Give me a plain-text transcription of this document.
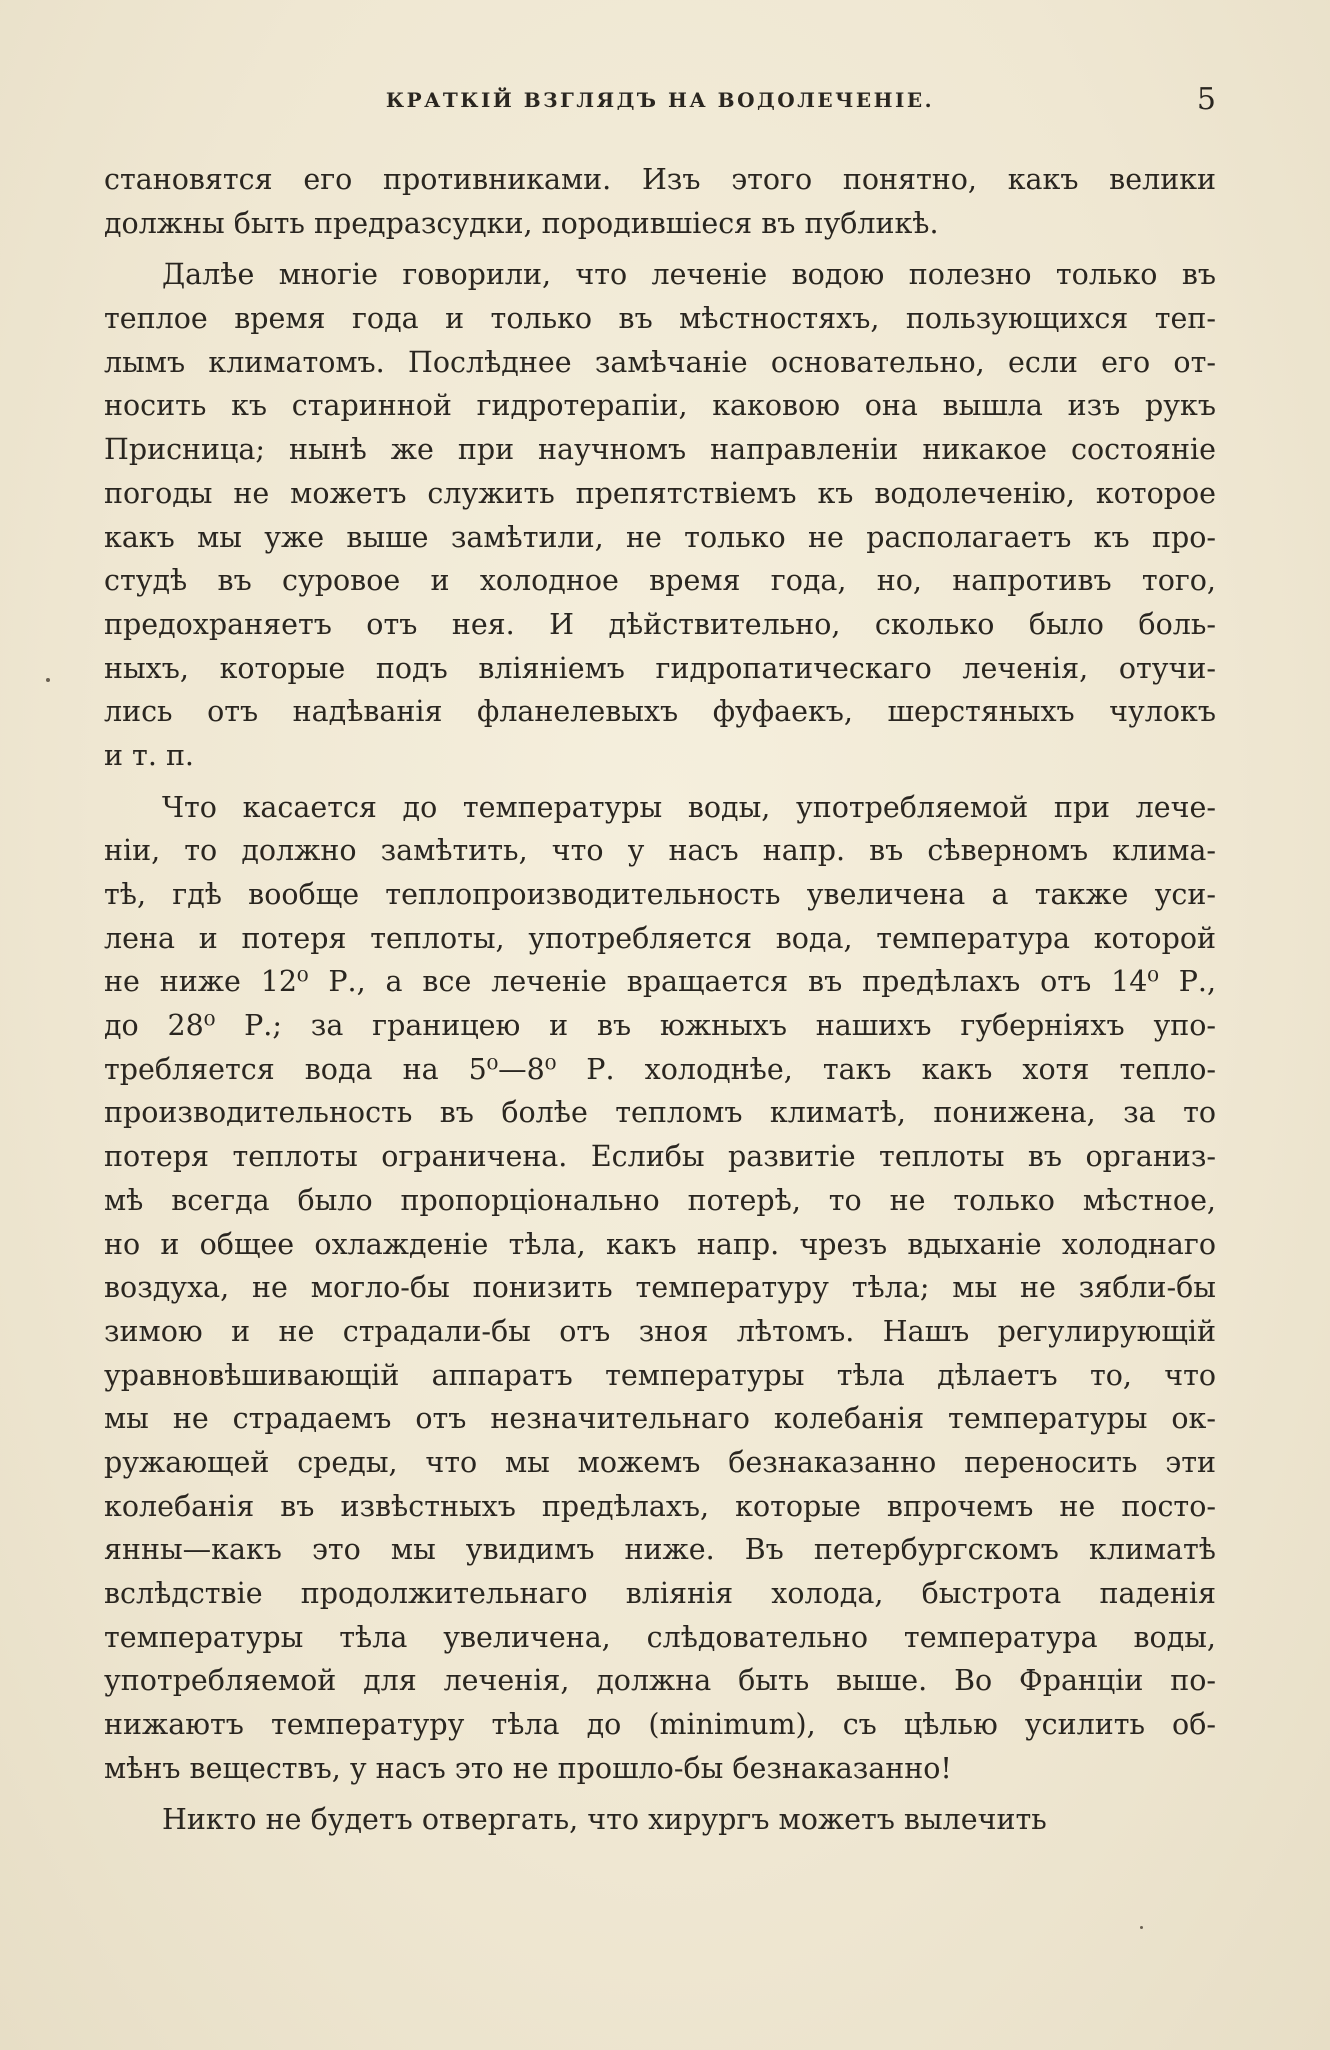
КРАТКІЙ ВЗГЛЯДЪ НА ВОДОЛЕЧЕНІЕ.	5
становятся его противниками. Изъ этого понятно, какъ велики
должны быть предразсудки, породившіеся въ публикѣ.
Далѣе многіе говорили, что леченіе водою полезно только въ
теплое время года и только въ мѣстностяхъ, пользующихся теп-
лымъ климатомъ. Послѣднее замѣчаніе основательно, если его от-
носить къ старинной гидротерапіи, каковою она вышла изъ рукъ
Присница; нынѣ же при научномъ направленіи никакое состояніе
погоды не можетъ служить препятствіемъ къ водолеченію, которое
какъ мы уже выше замѣтили, не только не располагаетъ къ про-
студѣ въ суровое и холодное время года, но, напротивъ того,
предохраняетъ отъ нея. И дѣйствительно, сколько было боль-
ныхъ, которые подъ вліяніемъ гидропатическаго леченія, отучи-
лись отъ надѣванія фланелевыхъ фуфаекъ, шерстяныхъ чулокъ
и т. п.
Что касается до температуры воды, употребляемой при лече-
ніи, то должно замѣтить, что у насъ напр. въ сѣверномъ клима-
тѣ, гдѣ вообще теплопроизводительность увеличена а также уси-
лена и потеря теплоты, употребляется вода, температура которой
не ниже 12⁰ Р., а все леченіе вращается въ предѣлахъ отъ 14⁰ Р.,
до 28⁰ Р.; за границею и въ южныхъ нашихъ губерніяхъ упо-
требляется вода на 5⁰—8⁰ Р. холоднѣе, такъ какъ хотя тепло-
производительность въ болѣе тепломъ климатѣ, понижена, за то
потеря теплоты ограничена. Еслибы развитіе теплоты въ организ-
мѣ всегда было пропорціонально потерѣ, то не только мѣстное,
но и общее охлажденіе тѣла, какъ напр. чрезъ вдыханіе холоднаго
воздуха, не могло-бы понизить температуру тѣла; мы не зябли-бы
зимою и не страдали-бы отъ зноя лѣтомъ. Нашъ регулирующій
уравновѣшивающій аппаратъ температуры тѣла дѣлаетъ то, что
мы не страдаемъ отъ незначительнаго колебанія температуры ок-
ружающей среды, что мы можемъ безнаказанно переносить эти
колебанія въ извѣстныхъ предѣлахъ, которые впрочемъ не посто-
янны—какъ это мы увидимъ ниже. Въ петербургскомъ климатѣ
вслѣдствіе продолжительнаго вліянія холода, быстрота паденія
температуры тѣла увеличена, слѣдовательно температура воды,
употребляемой для леченія, должна быть выше. Во Франціи по-
нижаютъ температуру тѣла до (minimum), съ цѣлью усилить об-
мѣнъ веществъ, у насъ это не прошло-бы безнаказанно!
Никто не будетъ отвергать, что хирургъ можетъ вылечить
